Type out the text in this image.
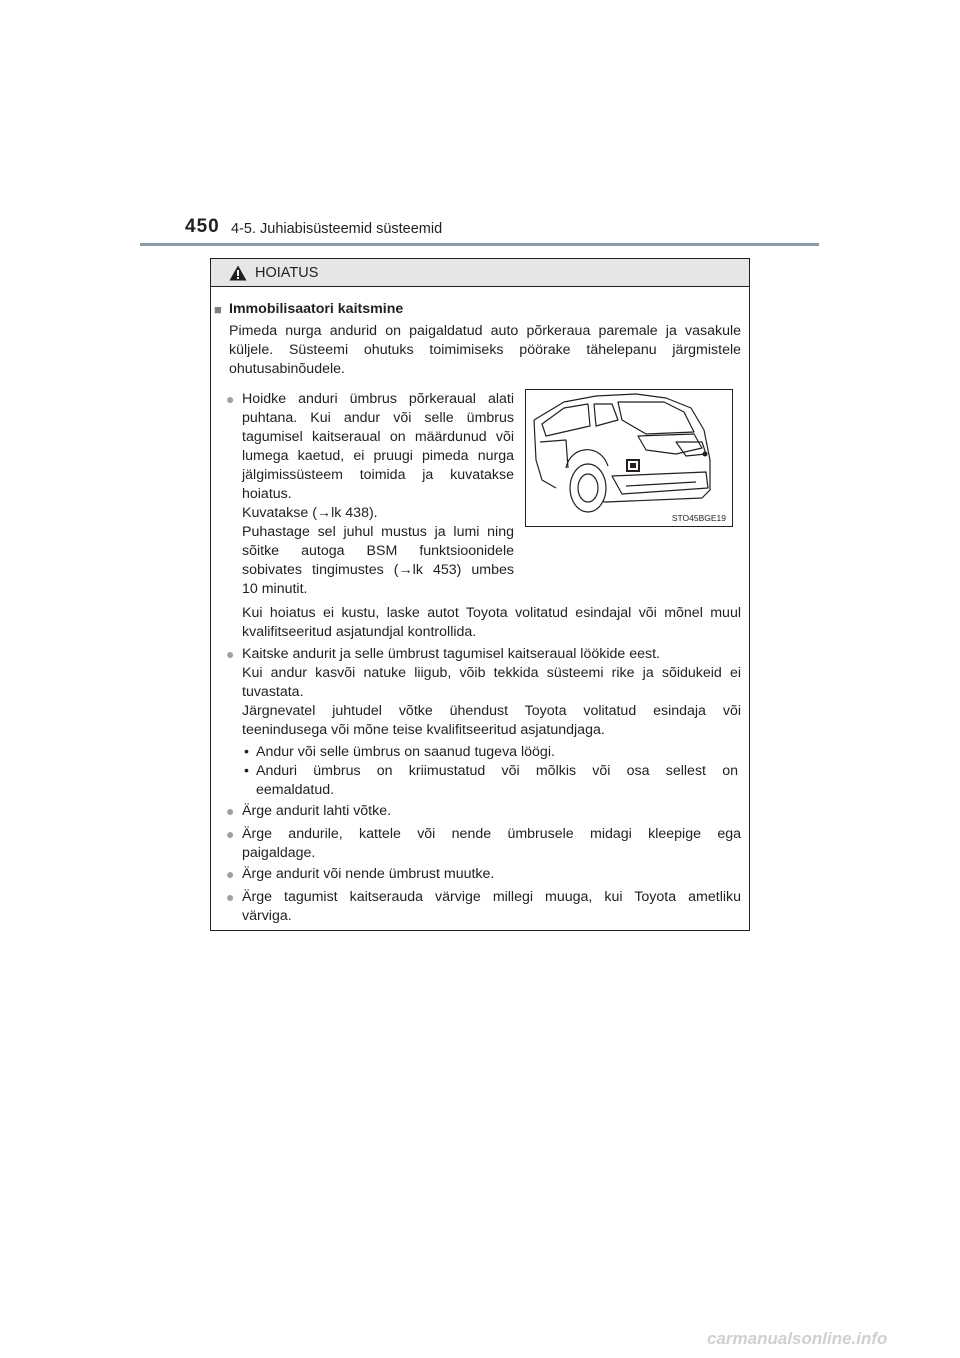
450 4-5. Juhiabisüsteemid süsteemid
HOIATUS
■ Immobilisaatori kaitsmine
Pimeda nurga andurid on paigaldatud auto põrkeraua paremale ja vasakule
küljele. Süsteemi ohutuks toimimiseks pöörake tähelepanu järgmistele
ohutusabinõudele.
● Hoidke anduri ümbrus põrkeraual alati
puhtana. Kui andur või selle ümbrus
tagumisel kaitseraual on määrdunud või
lumega kaetud, ei pruugi pimeda nurga
jälgimissüsteem toimida ja kuvatakse
hoiatus.
Kuvatakse (→lk 438).
Puhastage sel juhul mustus ja lumi ning
sõitke autoga BSM funktsioonidele
sobivates tingimustes (→lk 453) umbes
10 minutit.
STO45BGE19
Kui hoiatus ei kustu, laske autot Toyota volitatud esindajal või mõnel muul
kvalifitseeritud asjatundjal kontrollida.
● Kaitske andurit ja selle ümbrust tagumisel kaitseraual löökide eest.
Kui andur kasvõi natuke liigub, võib tekkida süsteemi rike ja sõidukeid ei
tuvastata.
Järgnevatel juhtudel võtke ühendust Toyota volitatud esindaja või
teenindusega või mõne teise kvalifitseeritud asjatundjaga.
• Andur või selle ümbrus on saanud tugeva löögi.
• Anduri ümbrus on kriimustatud või mõlkis või osa sellest on
eemaldatud.
● Ärge andurit lahti võtke.
● Ärge andurile, kattele või nende ümbrusele midagi kleepige ega
paigaldage.
● Ärge andurit või nende ümbrust muutke.
● Ärge tagumist kaitserauda värvige millegi muuga, kui Toyota ametliku
värviga.
carmanualsonline.info
